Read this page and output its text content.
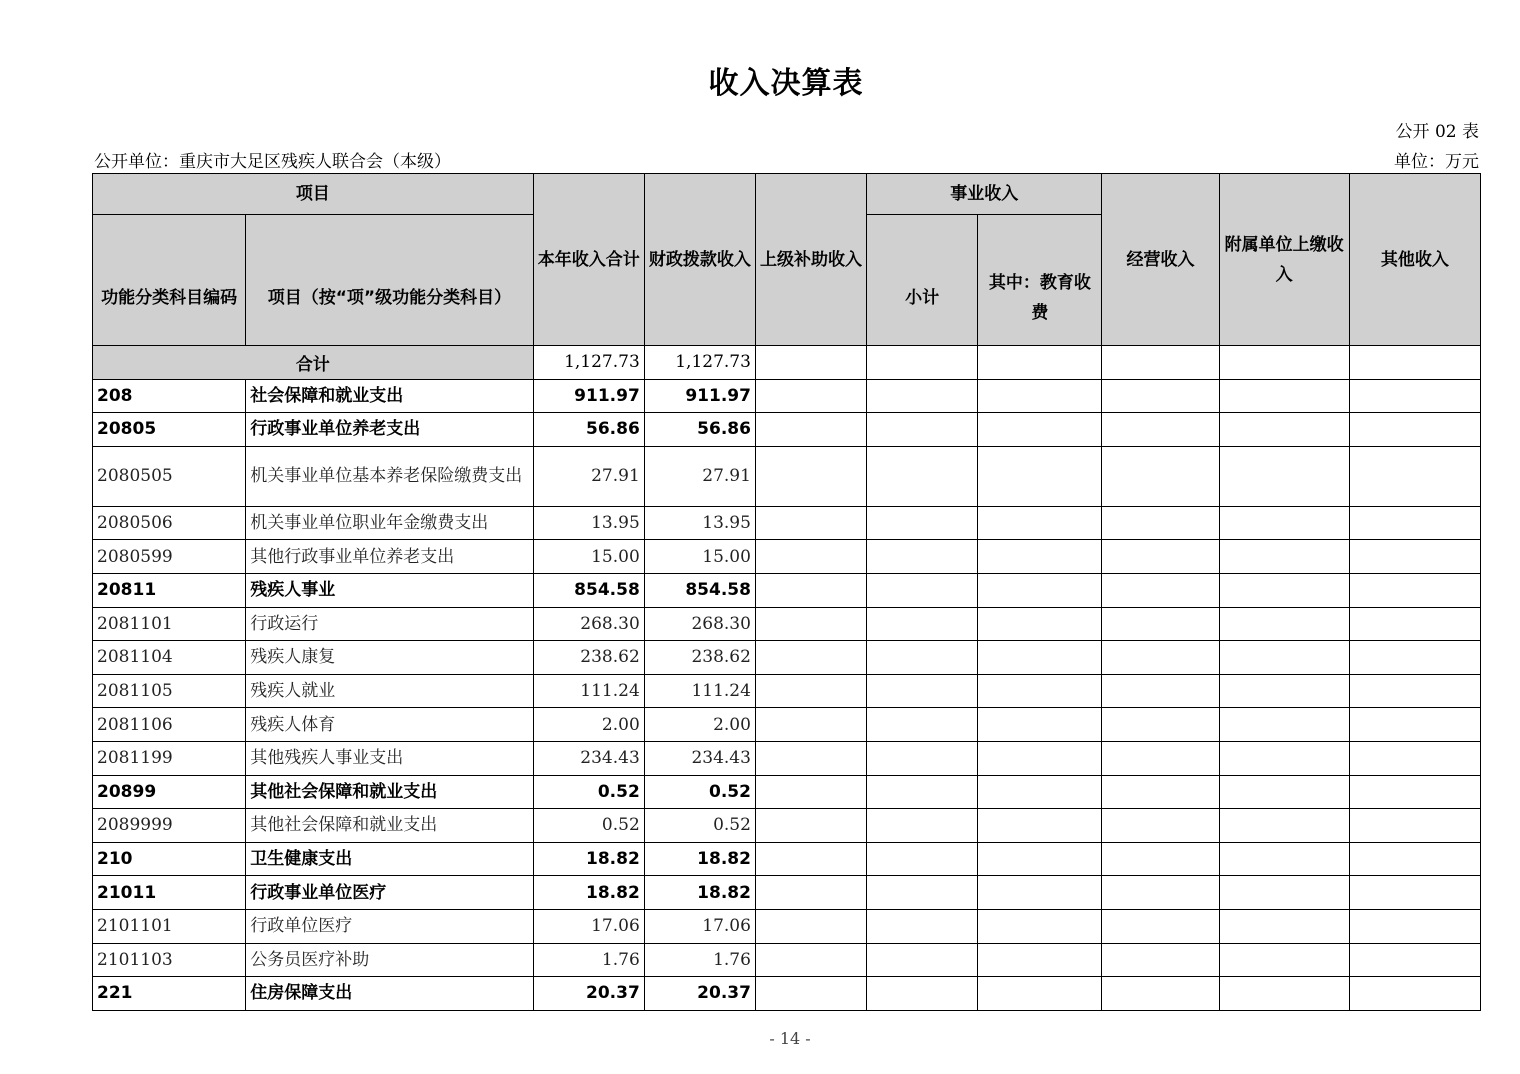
收入决算表
公开 02 表
公开单位：重庆市大足区残疾人联合会（本级）	单位：万元
项目		本年收入合计	财政拨款收入	上级补助收入	事业收入		经营收入	附属单位上缴收入	其他收入
功能分类科目编码	项目（按“项”级功能分类科目）				小计	其中：教育收费			
合计		1,127.73	1,127.73						
208	社会保障和就业支出	911.97	911.97						
20805	行政事业单位养老支出	56.86	56.86						
2080505	机关事业单位基本养老保险缴费支出	27.91	27.91						
2080506	机关事业单位职业年金缴费支出	13.95	13.95						
2080599	其他行政事业单位养老支出	15.00	15.00						
20811	残疾人事业	854.58	854.58						
2081101	行政运行	268.30	268.30						
2081104	残疾人康复	238.62	238.62						
2081105	残疾人就业	111.24	111.24						
2081106	残疾人体育	2.00	2.00						
2081199	其他残疾人事业支出	234.43	234.43						
20899	其他社会保障和就业支出	0.52	0.52						
2089999	其他社会保障和就业支出	0.52	0.52						
210	卫生健康支出	18.82	18.82						
21011	行政事业单位医疗	18.82	18.82						
2101101	行政单位医疗	17.06	17.06						
2101103	公务员医疗补助	1.76	1.76						
221	住房保障支出	20.37	20.37						
- 14 -
